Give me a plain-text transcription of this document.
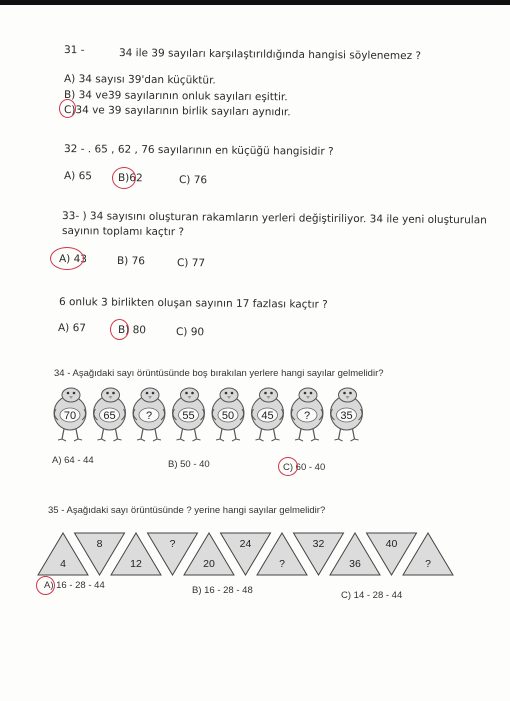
31 -	34 ile 39 sayıları karşılaştırıldığında hangisi söylenemez ?
A) 34 sayısı 39'dan küçüktür.
B) 34 ve39 sayılarının onluk sayıları eşittir.
C)34 ve 39 sayılarının birlik sayıları aynıdır.
32 - . 65 , 62 , 76 sayılarının en küçüğü hangisidir ?
A) 65 B)62	C) 76
33- ) 34 sayısını oluşturan rakamların yerleri değiştiriliyor. 34 ile yeni oluşturulan
sayının toplamı kaçtır ?
A) 43	B) 76	C) 77
6 onluk 3 birlikten oluşan sayının 17 fazlası kaçtır ?
A) 67	B) 80	C) 90
34 - Aşağıdaki sayı örüntüsünde boş bırakılan yerlere hangi sayılar gelmelidir?
70 65	?	55 50 45	?	35
A) 64 - 44	B) 50 - 40	C) 60 - 40
35 - Aşağıdaki sayı örüntüsünde ? yerine hangi sayılar gelmelidir?
4
8
12
?
20
24
?
32
36
40
?
A) 16 - 28 - 44	B) 16 - 28 - 48	C) 14 - 28 - 44
